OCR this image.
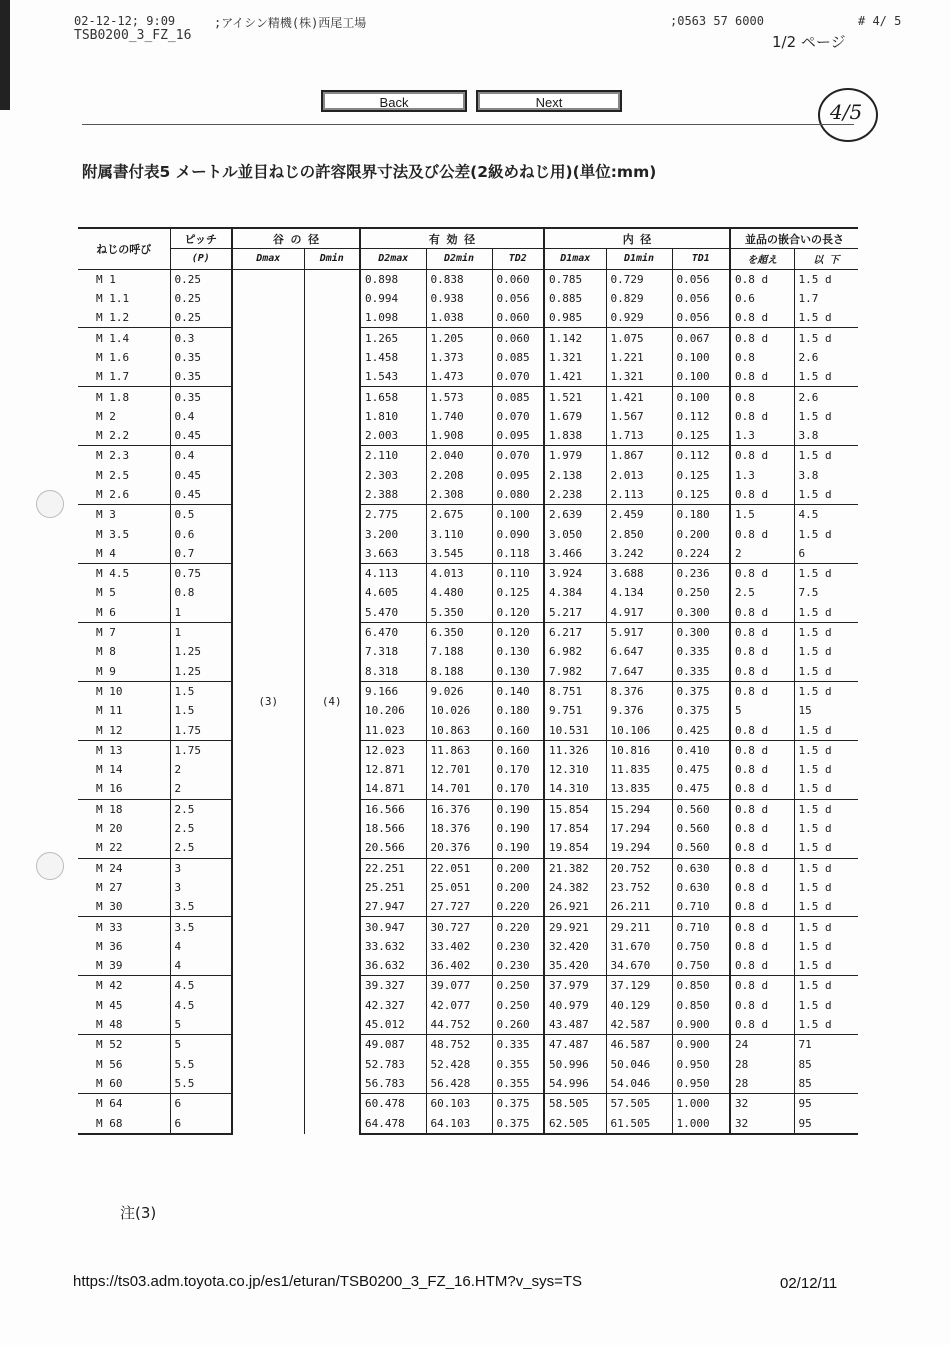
02-12-12; 9:09	;アイシン精機(株)西尾工場	;0563 57 6000	# 4/ 5
TSB0200_3_FZ_16	1/2 ページ
Back	Next	4/5
附属書付表5 メートル並目ねじの許容限界寸法及び公差(2級めねじ用)(単位:mm)
ねじの呼び	ピッチ	谷 の 径		有 効 径			内 径			並品の嵌合いの長さ	
	(P)	Dmax	Dmin	D2max	D2min	TD2	D1max	D1min	TD1	を超え	以 下
M 1	0.25	(3)	(4)	0.898	0.838	0.060	0.785	0.729	0.056	0.8 d	1.5 d
M 1.1	0.25			0.994	0.938	0.056	0.885	0.829	0.056	0.6	1.7
M 1.2	0.25			1.098	1.038	0.060	0.985	0.929	0.056	0.8 d	1.5 d
M 1.4	0.3			1.265	1.205	0.060	1.142	1.075	0.067	0.8 d	1.5 d
M 1.6	0.35			1.458	1.373	0.085	1.321	1.221	0.100	0.8	2.6
M 1.7	0.35			1.543	1.473	0.070	1.421	1.321	0.100	0.8 d	1.5 d
M 1.8	0.35			1.658	1.573	0.085	1.521	1.421	0.100	0.8	2.6
M 2	0.4			1.810	1.740	0.070	1.679	1.567	0.112	0.8 d	1.5 d
M 2.2	0.45			2.003	1.908	0.095	1.838	1.713	0.125	1.3	3.8
M 2.3	0.4			2.110	2.040	0.070	1.979	1.867	0.112	0.8 d	1.5 d
M 2.5	0.45			2.303	2.208	0.095	2.138	2.013	0.125	1.3	3.8
M 2.6	0.45			2.388	2.308	0.080	2.238	2.113	0.125	0.8 d	1.5 d
M 3	0.5			2.775	2.675	0.100	2.639	2.459	0.180	1.5	4.5
M 3.5	0.6			3.200	3.110	0.090	3.050	2.850	0.200	0.8 d	1.5 d
M 4	0.7			3.663	3.545	0.118	3.466	3.242	0.224	2	6
M 4.5	0.75			4.113	4.013	0.110	3.924	3.688	0.236	0.8 d	1.5 d
M 5	0.8			4.605	4.480	0.125	4.384	4.134	0.250	2.5	7.5
M 6	1			5.470	5.350	0.120	5.217	4.917	0.300	0.8 d	1.5 d
M 7	1			6.470	6.350	0.120	6.217	5.917	0.300	0.8 d	1.5 d
M 8	1.25			7.318	7.188	0.130	6.982	6.647	0.335	0.8 d	1.5 d
M 9	1.25			8.318	8.188	0.130	7.982	7.647	0.335	0.8 d	1.5 d
M 10	1.5			9.166	9.026	0.140	8.751	8.376	0.375	0.8 d	1.5 d
M 11	1.5			10.206	10.026	0.180	9.751	9.376	0.375	5	15
M 12	1.75			11.023	10.863	0.160	10.531	10.106	0.425	0.8 d	1.5 d
M 13	1.75			12.023	11.863	0.160	11.326	10.816	0.410	0.8 d	1.5 d
M 14	2			12.871	12.701	0.170	12.310	11.835	0.475	0.8 d	1.5 d
M 16	2			14.871	14.701	0.170	14.310	13.835	0.475	0.8 d	1.5 d
M 18	2.5			16.566	16.376	0.190	15.854	15.294	0.560	0.8 d	1.5 d
M 20	2.5			18.566	18.376	0.190	17.854	17.294	0.560	0.8 d	1.5 d
M 22	2.5			20.566	20.376	0.190	19.854	19.294	0.560	0.8 d	1.5 d
M 24	3			22.251	22.051	0.200	21.382	20.752	0.630	0.8 d	1.5 d
M 27	3			25.251	25.051	0.200	24.382	23.752	0.630	0.8 d	1.5 d
M 30	3.5			27.947	27.727	0.220	26.921	26.211	0.710	0.8 d	1.5 d
M 33	3.5			30.947	30.727	0.220	29.921	29.211	0.710	0.8 d	1.5 d
M 36	4			33.632	33.402	0.230	32.420	31.670	0.750	0.8 d	1.5 d
M 39	4			36.632	36.402	0.230	35.420	34.670	0.750	0.8 d	1.5 d
M 42	4.5			39.327	39.077	0.250	37.979	37.129	0.850	0.8 d	1.5 d
M 45	4.5			42.327	42.077	0.250	40.979	40.129	0.850	0.8 d	1.5 d
M 48	5			45.012	44.752	0.260	43.487	42.587	0.900	0.8 d	1.5 d
M 52	5			49.087	48.752	0.335	47.487	46.587	0.900	24	71
M 56	5.5			52.783	52.428	0.355	50.996	50.046	0.950	28	85
M 60	5.5			56.783	56.428	0.355	54.996	54.046	0.950	28	85
M 64	6			60.478	60.103	0.375	58.505	57.505	1.000	32	95
M 68	6			64.478	64.103	0.375	62.505	61.505	1.000	32	95
注(3)
https://ts03.adm.toyota.co.jp/es1/eturan/TSB0200_3_FZ_16.HTM?v_sys=TS	02/12/11
